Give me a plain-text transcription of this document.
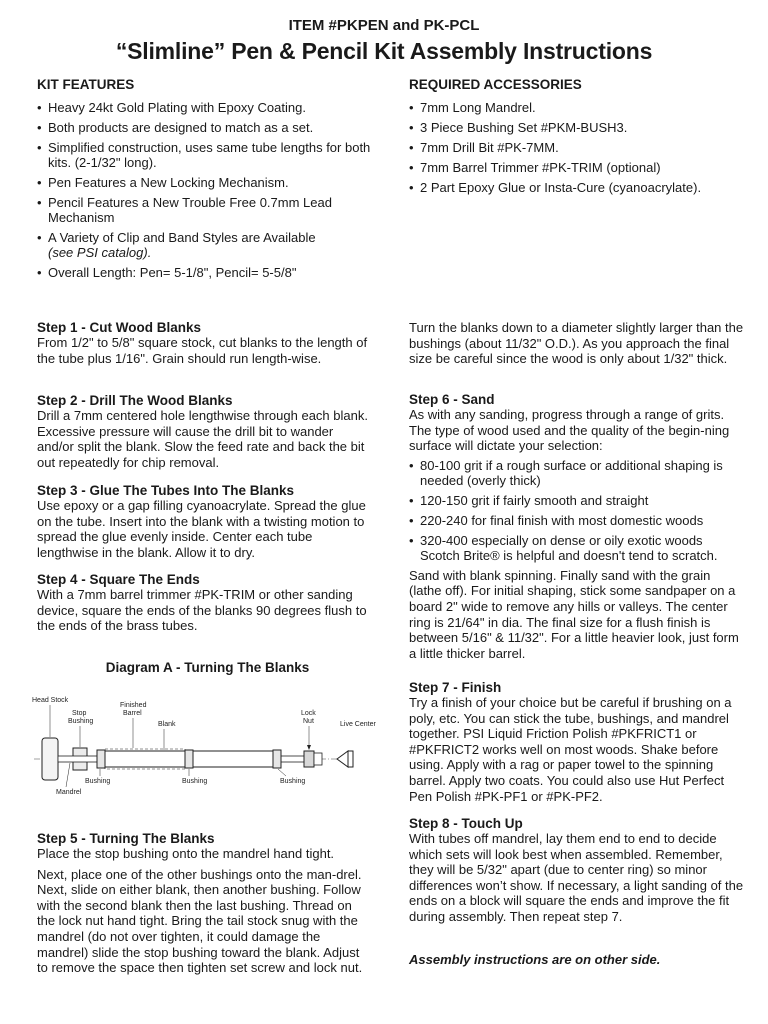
ITEM #PKPEN and PK-PCL
“Slimline” Pen & Pencil Kit Assembly Instructions
KIT FEATURES
• Heavy 24kt Gold Plating with Epoxy Coating.
• Both products are designed to match as a set.
• Simplified construction, uses same tube lengths for both kits. (2-1/32" long).
• Pen Features a New Locking Mechanism.
• Pencil Features a New Trouble Free 0.7mm Lead Mechanism
• A Variety of Clip and Band Styles are Available
(see PSI catalog).
• Overall Length: Pen= 5-1/8", Pencil= 5-5/8"
REQUIRED ACCESSORIES
• 7mm Long Mandrel.
• 3 Piece Bushing Set #PKM-BUSH3.
• 7mm Drill Bit #PK-7MM.
• 7mm Barrel Trimmer #PK-TRIM (optional)
• 2 Part Epoxy Glue or Insta-Cure (cyanoacrylate).
Step 1 - Cut Wood Blanks

From 1/2" to 5/8" square stock, cut blanks to the length of the tube plus 1/16". Grain should run length-wise.

Step 2 - Drill The Wood Blanks

Drill a 7mm centered hole lengthwise through each blank. Excessive pressure will cause the drill bit to wander and/or split the blank. Slow the feed rate and back the bit out repeatedly for chip removal.

Step 3 - Glue The Tubes Into The Blanks

Use epoxy or a gap filling cyanoacrylate. Spread the glue on the tube. Insert into the blank with a twisting motion to spread the glue evenly inside. Center each tube lengthwise in the blank. Allow it to dry.

Step 4 - Square The Ends

With a 7mm barrel trimmer #PK-TRIM or other sanding device, square the ends of the blanks 90 degrees flush to the ends of the brass tubes.

Diagram A - Turning The Blanks
Head Stock
Stop Bushing
Finished Barrel
Blank
Lock Nut	Live Center
Bushing	Bushing	Bushing
Mandrel
Step 5 - Turning The Blanks

Place the stop bushing onto the mandrel hand tight.

Next, place one of the other bushings onto the man-drel. Next, slide on either blank, then another bushing. Follow with the second blank then the last bushing. Thread on the lock nut hand tight. Bring the tail stock snug with the mandrel (do not over tighten, it could damage the mandrel) slide the stop bushing toward the blank. Adjust to remove the space then tighten set screw and lock nut.

Turn the blanks down to a diameter slightly larger than the bushings (about 11/32" O.D.). As you approach the final size be careful since the wood is only about 1/32" thick.

Step 6 - Sand

As with any sanding, progress through a range of grits. The type of wood used and the quality of the begin-ning surface will dictate your selection:

• 80-100 grit if a rough surface or additional shaping is needed (overly thick)
• 120-150 grit if fairly smooth and straight
• 220-240 for final finish with most domestic woods
• 320-400 especially on dense or oily exotic woods Scotch Brite® is helpful and doesn't tend to scratch.

Sand with blank spinning. Finally sand with the grain (lathe off). For initial shaping, stick some sandpaper on a board 2" wide to remove any hills or valleys. The center ring is 21/64" in dia. The final size for a flush finish is between 5/16" & 11/32". For a little heavier look, just form a little thicker barrel.

Step 7 - Finish

Try a finish of your choice but be careful if brushing on a poly, etc. You can stick the tube, bushings, and mandrel together. PSI Liquid Friction Polish #PKFRICT1 or #PKFRICT2 works well on most woods. Shake before using. Apply with a rag or paper towel to the spinning barrel. Apply two coats. You could also use Hut Perfect Pen Polish #PK-PF1 or #PK-PF2.

Step 8 - Touch Up

With tubes off mandrel, lay them end to end to decide which sets will look best when assembled. Remember, they will be 5/32" apart (due to center ring) so minor differences won’t show. If necessary, a light sanding of the ends on a block will square the ends and improve the fit during assembly. Then repeat step 7.

Assembly instructions are on other side.
